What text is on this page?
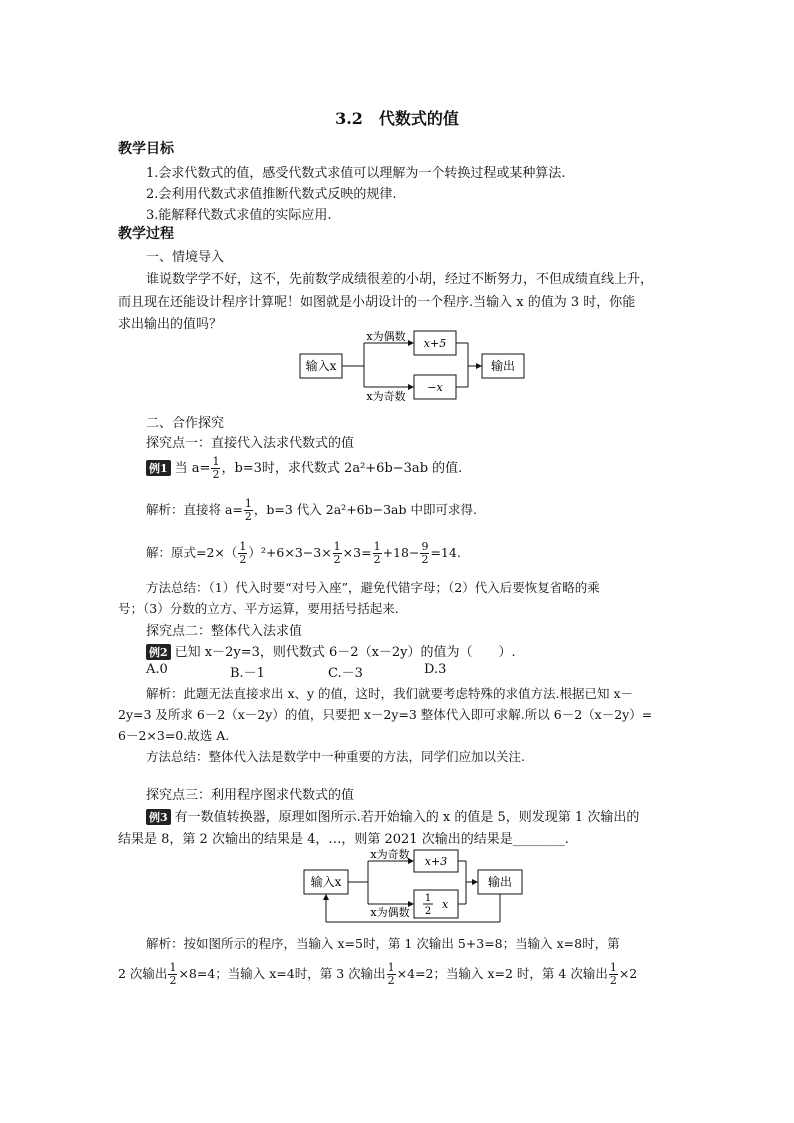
3.2　代数式的值
教学目标
1.会求代数式的值，感受代数式求值可以理解为一个转换过程或某种算法.
2.会利用代数式求值推断代数式反映的规律.
3.能解释代数式求值的实际应用.
教学过程
一、情境导入
谁说数学学不好，这不，先前数学成绩很差的小胡，经过不断努力，不但成绩直线上升，
而且现在还能设计程序计算呢！如图就是小胡设计的一个程序.当输入 x 的值为 3 时，你能
求出输出的值吗？
输入x
x为偶数
x为奇数
x+5
−x
输出
二、合作探究
探究点一：直接代入法求代数式的值
例1 当 $a= \frac{1}{2}$ ，b=3时，求代数式 2a²+6b−3ab 的值.
解析：直接将 $a= \frac{1}{2}$ ，b=3 代入 2a²+6b−3ab 中即可求得.
解：原式$=2\times( \frac{1}{2} )^2+6\times 3-3\times \frac{1}{2} \times 3= \frac{1}{2} +18- \frac{9}{2} =14$.
方法总结：（1）代入时要“对号入座”，避免代错字母；（2）代入后要恢复省略的乘
号；（3）分数的立方、平方运算，要用括号括起来.
探究点二：整体代入法求值
例2 已知 x－2y=3，则代数式 6－2（x－2y）的值为（　　）.
A.0	B.－1	C.－3	D.3
解析：此题无法直接求出 x、y 的值，这时，我们就要考虑特殊的求值方法.根据已知 x－
2y=3 及所求 6－2（x－2y）的值，只要把 x－2y=3 整体代入即可求解.所以 6－2（x－2y）=
6－2×3=0.故选 A.
方法总结：整体代入法是数学中一种重要的方法，同学们应加以关注.
探究点三：利用程序图求代数式的值
例3 有一数值转换器，原理如图所示.若开始输入的 x 的值是 5，则发现第 1 次输出的
结果是 8，第 2 次输出的结果是 4，…，则第 2021 次输出的结果是________.
输入x
x为奇数
x为偶数
x+3
1
2
x
输出
解析：按如图所示的程序，当输入 x=5时，第 1 次输出 5+3=8；当输入 x=8时，第
2 次输出 $\frac{1}{2} \times 8=4$；当输入 x=4时，第 3 次输出 $\frac{1}{2} \times 4=2$；当输入 x=2 时，第 4 次输出 $\frac{1}{2} \times 2$
